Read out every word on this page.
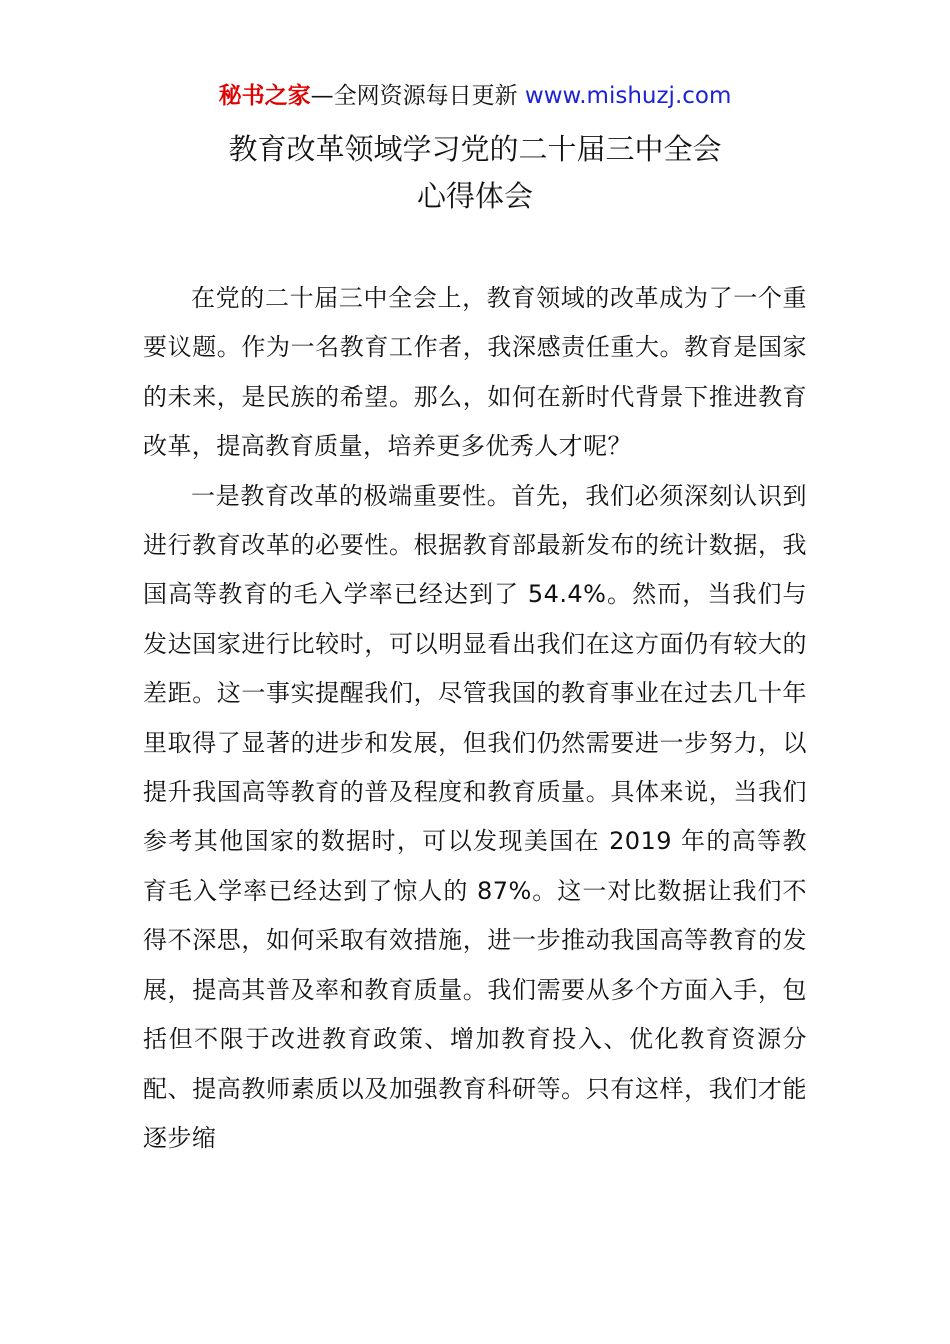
秘书之家—全网资源每日更新 www.mishuzj.com
教育改革领域学习党的二十届三中全会
心得体会

在党的二十届三中全会上，教育领域的改革成为了一个重要议题。作为一名教育工作者，我深感责任重大。教育是国家的未来，是民族的希望。那么，如何在新时代背景下推进教育改革，提高教育质量，培养更多优秀人才呢？

一是教育改革的极端重要性。首先，我们必须深刻认识到进行教育改革的必要性。根据教育部最新发布的统计数据，我国高等教育的毛入学率已经达到了 54.4%。然而，当我们与发达国家进行比较时，可以明显看出我们在这方面仍有较大的差距。这一事实提醒我们，尽管我国的教育事业在过去几十年里取得了显著的进步和发展，但我们仍然需要进一步努力，以提升我国高等教育的普及程度和教育质量。具体来说，当我们参考其他国家的数据时，可以发现美国在 2019 年的高等教育毛入学率已经达到了惊人的 87%。这一对比数据让我们不得不深思，如何采取有效措施，进一步推动我国高等教育的发展，提高其普及率和教育质量。我们需要从多个方面入手，包括但不限于改进教育政策、增加教育投入、优化教育资源分配、提高教师素质以及加强教育科研等。只有这样，我们才能逐步缩
